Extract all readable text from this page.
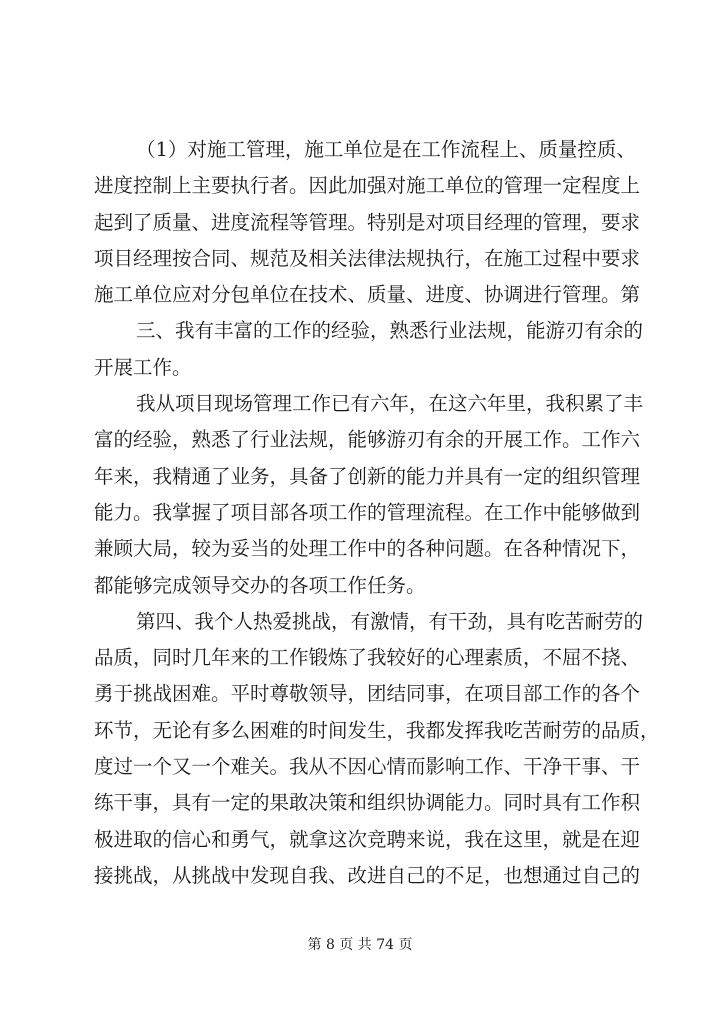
（1）对施工管理，施工单位是在工作流程上、质量控质、
进度控制上主要执行者。因此加强对施工单位的管理一定程度上
起到了质量、进度流程等管理。特别是对项目经理的管理，要求
项目经理按合同、规范及相关法律法规执行，在施工过程中要求
施工单位应对分包单位在技术、质量、进度、协调进行管理。第
三、我有丰富的工作的经验，熟悉行业法规，能游刃有余的
开展工作。
我从项目现场管理工作已有六年，在这六年里，我积累了丰
富的经验，熟悉了行业法规，能够游刃有余的开展工作。工作六
年来，我精通了业务，具备了创新的能力并具有一定的组织管理
能力。我掌握了项目部各项工作的管理流程。在工作中能够做到
兼顾大局，较为妥当的处理工作中的各种问题。在各种情况下，
都能够完成领导交办的各项工作任务。
第四、我个人热爱挑战，有激情，有干劲，具有吃苦耐劳的
品质，同时几年来的工作锻炼了我较好的心理素质，不屈不挠、
勇于挑战困难。平时尊敬领导，团结同事，在项目部工作的各个
环节，无论有多么困难的时间发生，我都发挥我吃苦耐劳的品质，
度过一个又一个难关。我从不因心情而影响工作、干净干事、干
练干事，具有一定的果敢决策和组织协调能力。同时具有工作积
极进取的信心和勇气，就拿这次竞聘来说，我在这里，就是在迎
接挑战，从挑战中发现自我、改进自己的不足，也想通过自己的
第 8 页 共 74 页
